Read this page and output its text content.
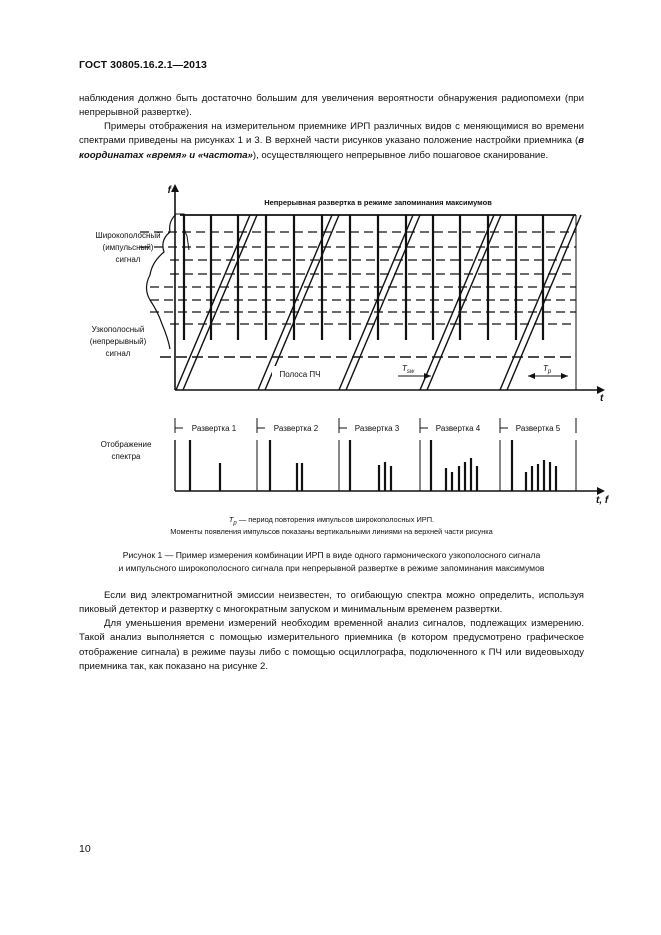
ГОСТ 30805.16.2.1—2013

наблюдения должно быть достаточно большим для увеличения вероятности обнаружения радиопомехи (при непрерывной развертке).

Примеры отображения на измерительном приемнике ИРП различных видов с меняющимися во времени спектрами приведены на рисунках 1 и 3. В верхней части рисунков указано положение настройки приемника (в координатах «время» и «частота»), осуществляющего непрерывное либо пошаговое сканирование.

Непрерывная развертка в режиме запоминания максимумов
Широкополосный
(импульсный)
сигнал
Узкополосный
(непрерывный)
сигнал
Полоса ПЧ
$T_{sw}$	$T_p$
f
t
t, f
Отображение
спектра
Развертка 1	Развертка 2	Развертка 3	Развертка 4	Развертка 5
$T_p$ — период повторения импульсов широкополосных ИРП.
Моменты появления импульсов показаны вертикальными линиями на верхней части рисунка
Рисунок 1 — Пример измерения комбинации ИРП в виде одного гармонического узкополосного сигнала
и импульсного широкополосного сигнала при непрерывной развертке в режиме запоминания максимумов

Если вид электромагнитной эмиссии неизвестен, то огибающую спектра можно определить, используя пиковый детектор и развертку с многократным запуском и минимальным временем развертки.

Для уменьшения времени измерений необходим временной анализ сигналов, подлежащих измерению. Такой анализ выполняется с помощью измерительного приемника (в котором предусмотрено графическое отображение сигнала) в режиме паузы либо с помощью осциллографа, подключенного к ПЧ или видеовыходу приемника так, как показано на рисунке 2.

10
